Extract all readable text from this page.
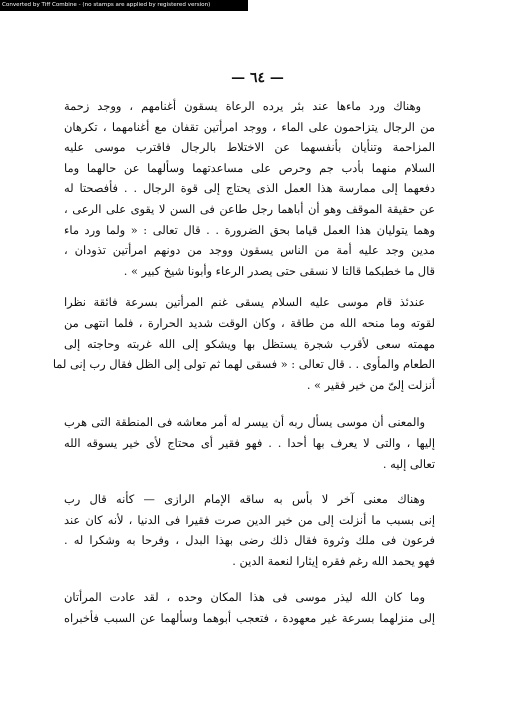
Converted by Tiff Combine - (no stamps are applied by registered version)
— ٦٤ —
وهناك ورد ماءها عند بئر يرده الرعاة يسقون أغنامهم ، ووجد زحمة
من الرجال يتزاحمون على الماء ، ووجد امرأتين تقفان مع أغنامهما ، تكرهان
المزاحمة وتنأيان بأنفسهما عن الاختلاط بالرجال فاقترب موسى عليه
السلام منهما بأدب جم وحرص على مساعدتهما وسألهما عن حالهما وما
دفعهما إلى ممارسة هذا العمل الذى يحتاج إلى قوة الرجال . . فأفصحتا له
عن حقيقة الموقف وهو أن أباهما رجل طاعن فى السن لا يقوى على الرعى ،
وهما يتوليان هذا العمل قياما بحق الضرورة . . قال تعالى : « ولما ورد ماء
مدين وجد عليه أمة من الناس يسقون ووجد من دونهم امرأتين تذودان ،
قال ما خطبكما قالتا لا نسقى حتى يصدر الرعاء وأبونا شيخ كبير » .
عندئذ قام موسى عليه السلام يسقى غنم المرأتين بسرعة فائقة نظرا
لقوته وما منحه الله من طاقة ، وكان الوقت شديد الحرارة ، فلما انتهى من
مهمته سعى لأقرب شجرة يستظل بها ويشكو إلى الله غربته وحاجته إلى
الطعام والمأوى . . قال تعالى : « فسقى لهما ثم تولى إلى الظل فقال رب إنى لما
أنزلت إلىّ من خير فقير » .
والمعنى أن موسى يسأل ربه أن ييسر له أمر معاشه فى المنطقة التى هرب
إليها ، والتى لا يعرف بها أحدا . . فهو فقير أى محتاج لأى خير يسوقه الله
تعالى إليه .
وهناك معنى آخر لا بأس به ساقه الإمام الرازى — كأنه قال رب
إنى بسبب ما أنزلت إلى من خير الدين صرت فقيرا فى الدنيا ، لأنه كان عند
فرعون فى ملك وثروة فقال ذلك رضى بهذا البدل ، وفرحا به وشكرا له .
فهو يحمد الله رغم فقره إيثارا لنعمة الدين .
وما كان الله ليذر موسى فى هذا المكان وحده ، لقد عادت المرأتان
إلى منزلهما بسرعة غير معهودة ، فتعجب أبوهما وسألهما عن السبب فأخبراه
